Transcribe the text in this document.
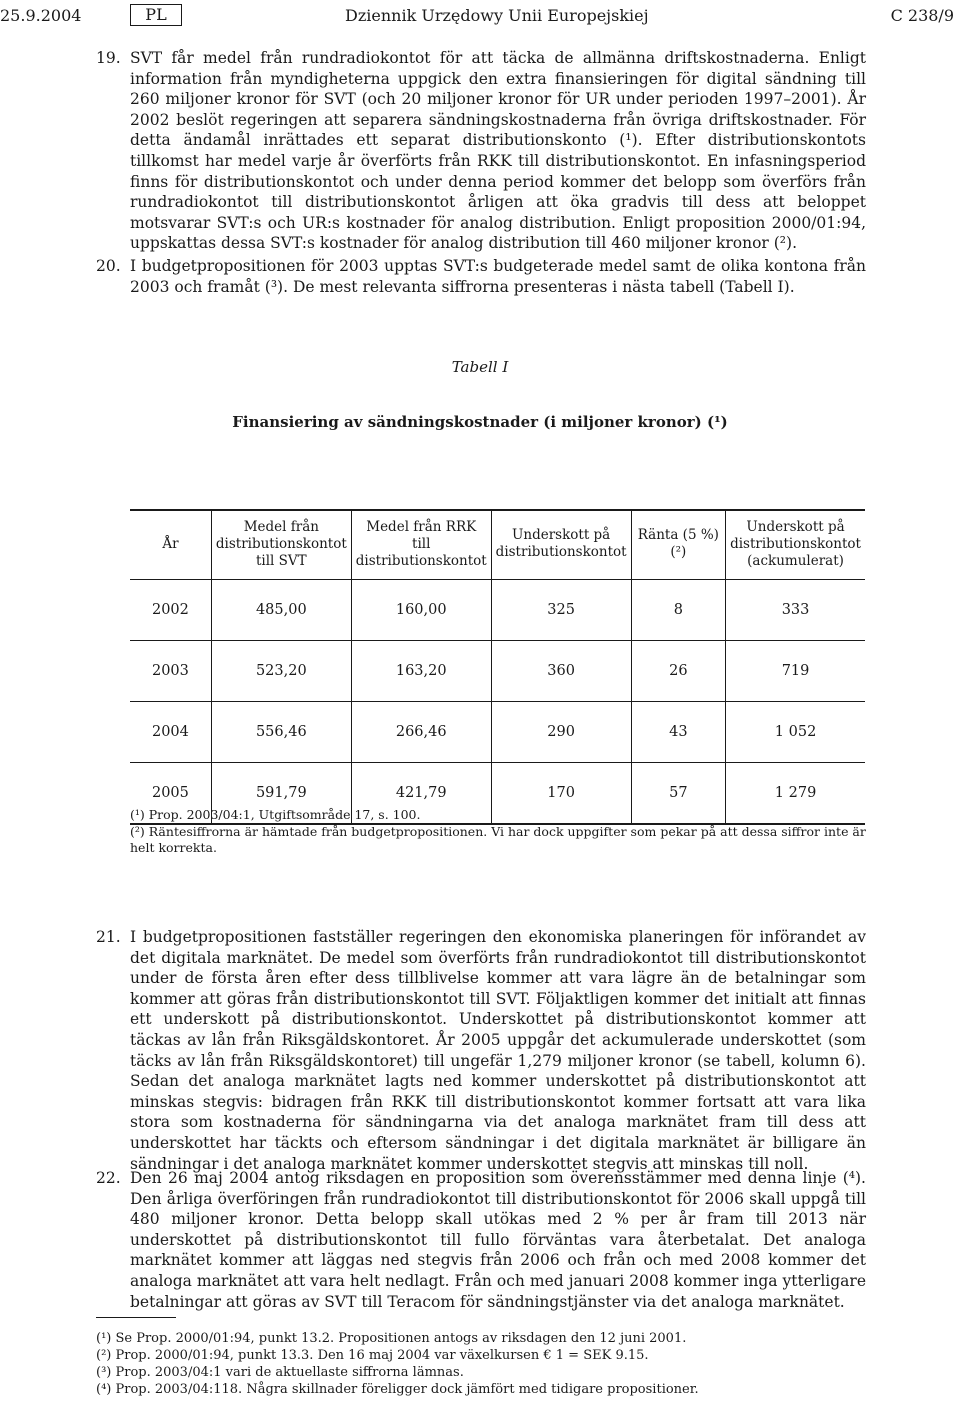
25.9.2004	PL	Dziennik Urzędowy Unii Europejskiej	C 238/9
19. SVT får medel från rundradiokontot för att täcka de allmänna driftskostnaderna. Enligt information från myndigheterna uppgick den extra finansieringen för digital sändning till 260 miljoner kronor för SVT (och 20 miljoner kronor för UR under perioden 1997–2001). År 2002 beslöt regeringen att separera sändningskostnaderna från övriga driftskostnader. För detta ändamål inrättades ett separat distributionskonto (¹). Efter distributionskontots tillkomst har medel varje år överförts från RKK till distributionskontot. En infasningsperiod finns för distributionskontot och under denna period kommer det belopp som överförs från rundradiokontot till distributionskontot årligen att öka gradvis till dess att beloppet motsvarar SVT:s och UR:s kostnader för analog distribution. Enligt proposition 2000/01:94, uppskattas dessa SVT:s kostnader för analog distribution till 460 miljoner kronor (²).
20. I budgetpropositionen för 2003 upptas SVT:s budgeterade medel samt de olika kontona från 2003 och framåt (³). De mest relevanta siffrorna presenteras i nästa tabell (Tabell I).
Tabell I
Finansiering av sändningskostnader (i miljoner kronor) (¹)
År	Medel från distributionskontot till SVT	Medel från RRK till distributionskontot	Underskott på distributionskontot	Ränta (5 %) (²)	Underskott på distributionskontot (ackumulerat)
2002	485,00	160,00	325	8	333
2003	523,20	163,20	360	26	719
2004	556,46	266,46	290	43	1 052
2005	591,79	421,79	170	57	1 279
(¹) Prop. 2003/04:1, Utgiftsområde 17, s. 100.
(²) Räntesiffrorna är hämtade från budgetpropositionen. Vi har dock uppgifter som pekar på att dessa siffror inte är helt korrekta.
21. I budgetpropositionen fastställer regeringen den ekonomiska planeringen för införandet av det digitala marknätet. De medel som överförts från rundradiokontot till distributionskontot under de första åren efter dess tillblivelse kommer att vara lägre än de betalningar som kommer att göras från distributionskontot till SVT. Följaktligen kommer det initialt att finnas ett underskott på distributionskontot. Underskottet på distributionskontot kommer att täckas av lån från Riksgäldskontoret. År 2005 uppgår det ackumulerade underskottet (som täcks av lån från Riksgäldskontoret) till ungefär 1,279 miljoner kronor (se tabell, kolumn 6). Sedan det analoga marknätet lagts ned kommer underskottet på distributionskontot att minskas stegvis: bidragen från RKK till distributionskontot kommer fortsatt att vara lika stora som kostnaderna för sändningarna via det analoga marknätet fram till dess att underskottet har täckts och eftersom sändningar i det digitala marknätet är billigare än sändningar i det analoga marknätet kommer underskottet stegvis att minskas till noll.
22. Den 26 maj 2004 antog riksdagen en proposition som överensstämmer med denna linje (⁴). Den årliga överföringen från rundradiokontot till distributionskontot för 2006 skall uppgå till 480 miljoner kronor. Detta belopp skall utökas med 2 % per år fram till 2013 när underskottet på distributionskontot till fullo förväntas vara återbetalat. Det analoga marknätet kommer att läggas ned stegvis från 2006 och från och med 2008 kommer det analoga marknätet att vara helt nedlagt. Från och med januari 2008 kommer inga ytterligare betalningar att göras av SVT till Teracom för sändningstjänster via det analoga marknätet.
(¹) Se Prop. 2000/01:94, punkt 13.2. Propositionen antogs av riksdagen den 12 juni 2001.
(²) Prop. 2000/01:94, punkt 13.3. Den 16 maj 2004 var växelkursen € 1 = SEK 9.15.
(³) Prop. 2003/04:1 vari de aktuellaste siffrorna lämnas.
(⁴) Prop. 2003/04:118. Några skillnader föreligger dock jämfört med tidigare propositioner.
